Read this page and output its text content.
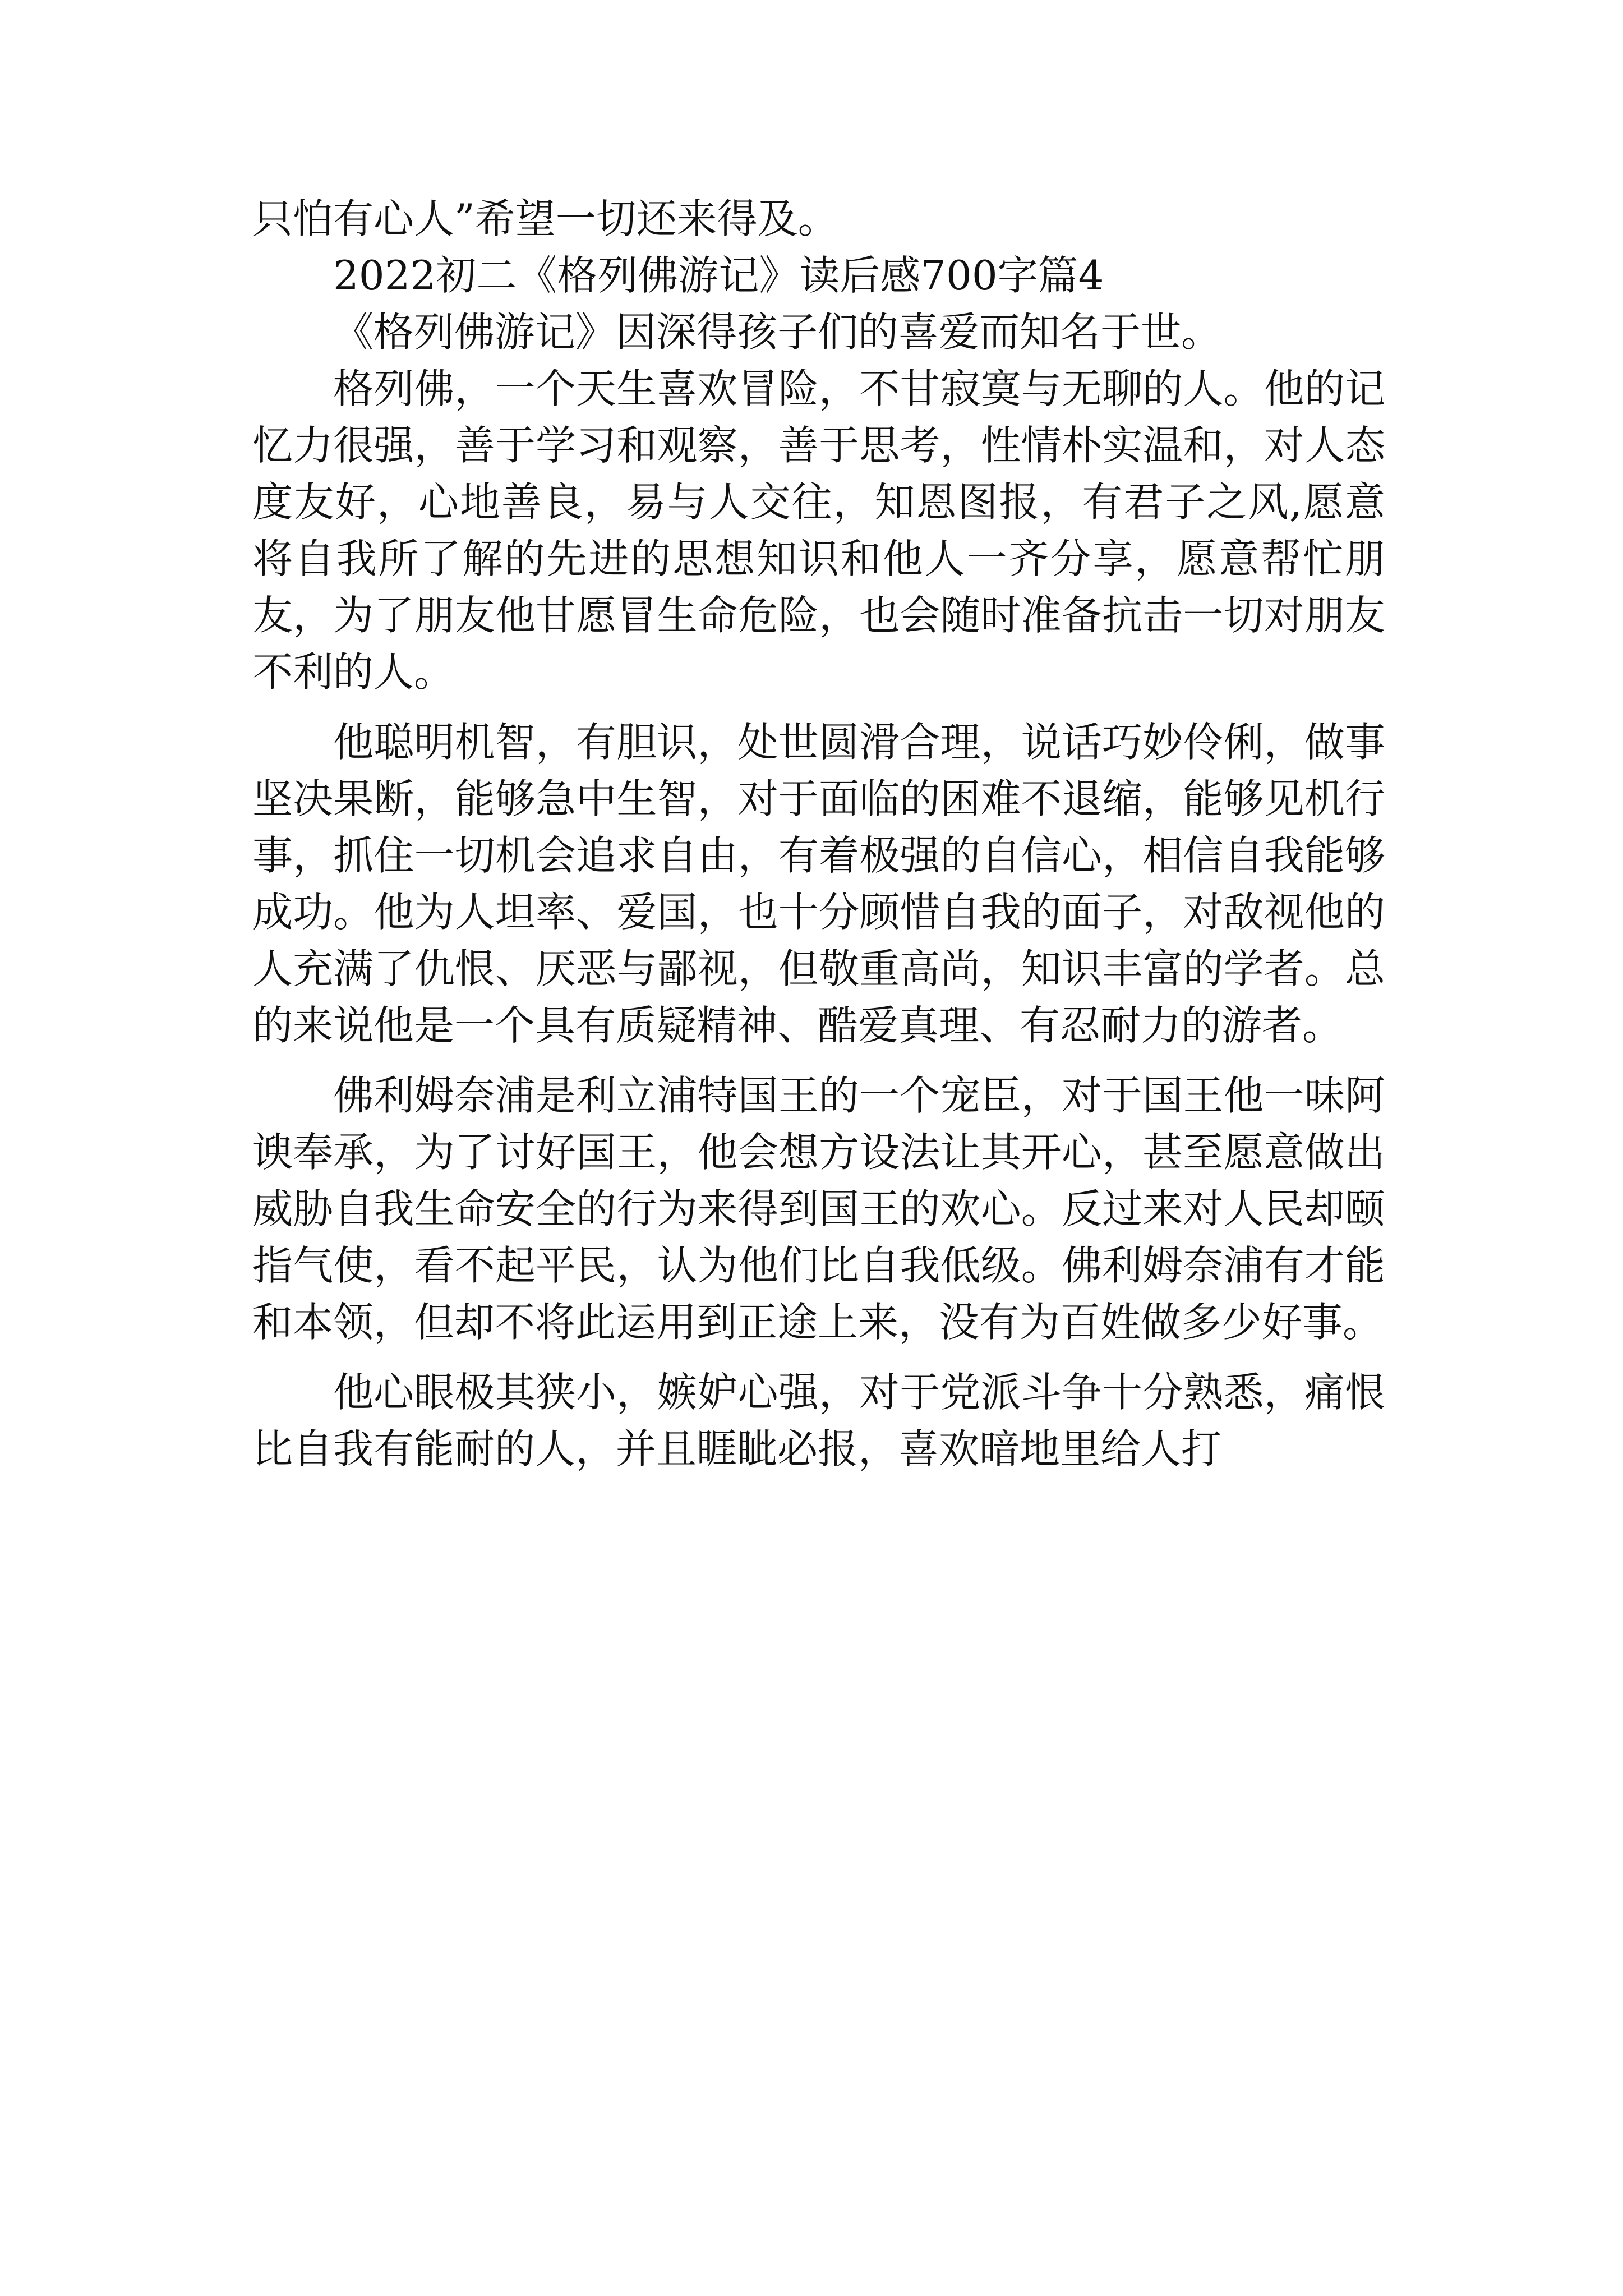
只怕有心人”希望一切还来得及。

2022初二《格列佛游记》读后感700字篇4

《格列佛游记》因深得孩子们的喜爱而知名于世。

格列佛，一个天生喜欢冒险，不甘寂寞与无聊的人。他的记忆力很强，善于学习和观察，善于思考，性情朴实温和，对人态度友好，心地善良，易与人交往，知恩图报，有君子之风,愿意将自我所了解的先进的思想知识和他人一齐分享，愿意帮忙朋友，为了朋友他甘愿冒生命危险，也会随时准备抗击一切对朋友不利的人。

他聪明机智，有胆识，处世圆滑合理，说话巧妙伶俐，做事坚决果断，能够急中生智，对于面临的困难不退缩，能够见机行事，抓住一切机会追求自由，有着极强的自信心，相信自我能够成功。他为人坦率、爱国，也十分顾惜自我的面子，对敌视他的人充满了仇恨、厌恶与鄙视，但敬重高尚，知识丰富的学者。总的来说他是一个具有质疑精神、酷爱真理、有忍耐力的游者。

佛利姆奈浦是利立浦特国王的一个宠臣，对于国王他一味阿谀奉承，为了讨好国王，他会想方设法让其开心，甚至愿意做出威胁自我生命安全的行为来得到国王的欢心。反过来对人民却颐指气使，看不起平民，认为他们比自我低级。佛利姆奈浦有才能和本领，但却不将此运用到正途上来，没有为百姓做多少好事。

他心眼极其狭小，嫉妒心强，对于党派斗争十分熟悉，痛恨比自我有能耐的人，并且睚眦必报，喜欢暗地里给人打
